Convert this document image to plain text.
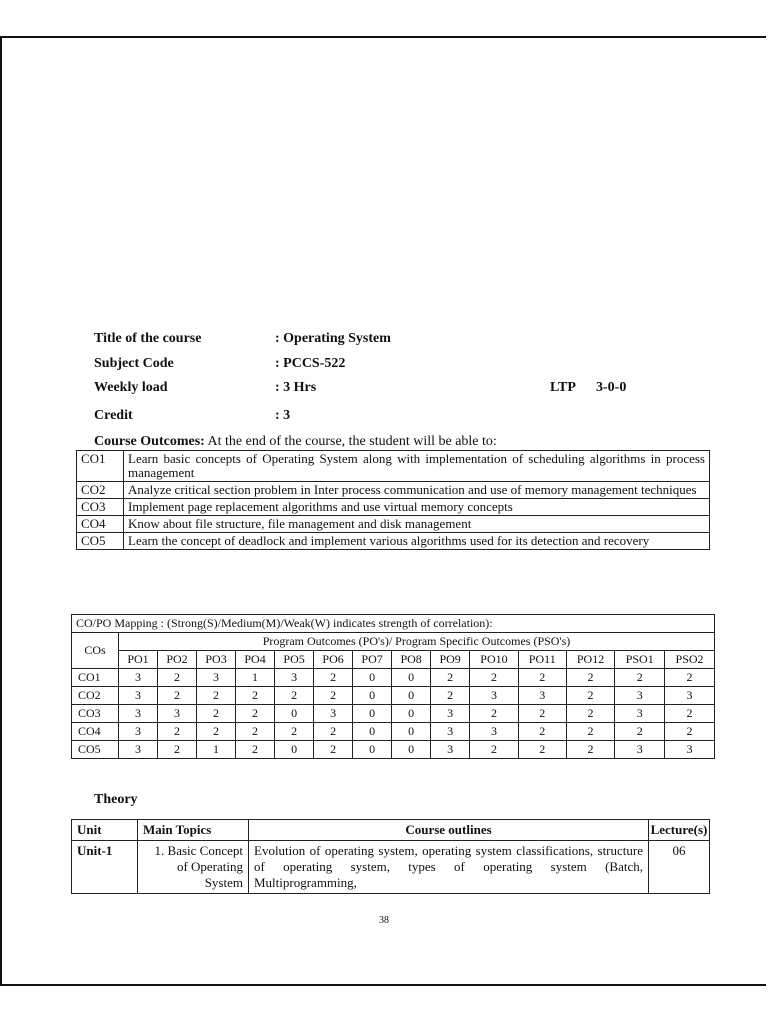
Title of the course	: Operating System
Subject Code	: PCCS-522
Weekly load	: 3 Hrs	LTP 3-0-0
Credit	: 3
Course Outcomes: At the end of the course, the student will be able to:
CO1	Learn basic concepts of Operating System along with implementation of scheduling algorithms in process management
CO2	Analyze critical section problem in Inter process communication and use of memory management techniques
CO3	Implement page replacement algorithms and use virtual memory concepts
CO4	Know about file structure, file management and disk management
CO5	Learn the concept of deadlock and implement various algorithms used for its detection and recovery
CO/PO Mapping : (Strong(S)/Medium(M)/Weak(W) indicates strength of correlation):														
COs	Program Outcomes (PO's)/ Program Specific Outcomes (PSO's)													
	PO1	PO2	PO3	PO4	PO5	PO6	PO7	PO8	PO9	PO10	PO11	PO12	PSO1	PSO2
CO1	3	2	3	1	3	2	0	0	2	2	2	2	2	2
CO2	3	2	2	2	2	2	0	0	2	3	3	2	3	3
CO3	3	3	2	2	0	3	0	0	3	2	2	2	3	2
CO4	3	2	2	2	2	2	0	0	3	3	2	2	2	2
CO5	3	2	1	2	0	2	0	0	3	2	2	2	3	3
Theory
Unit	Main Topics	Course outlines	Lecture(s)
Unit-1	1. Basic Concept of Operating System	Evolution of operating system, operating system classifications, structure of operating system, types of operating system (Batch, Multiprogramming,	06
38
